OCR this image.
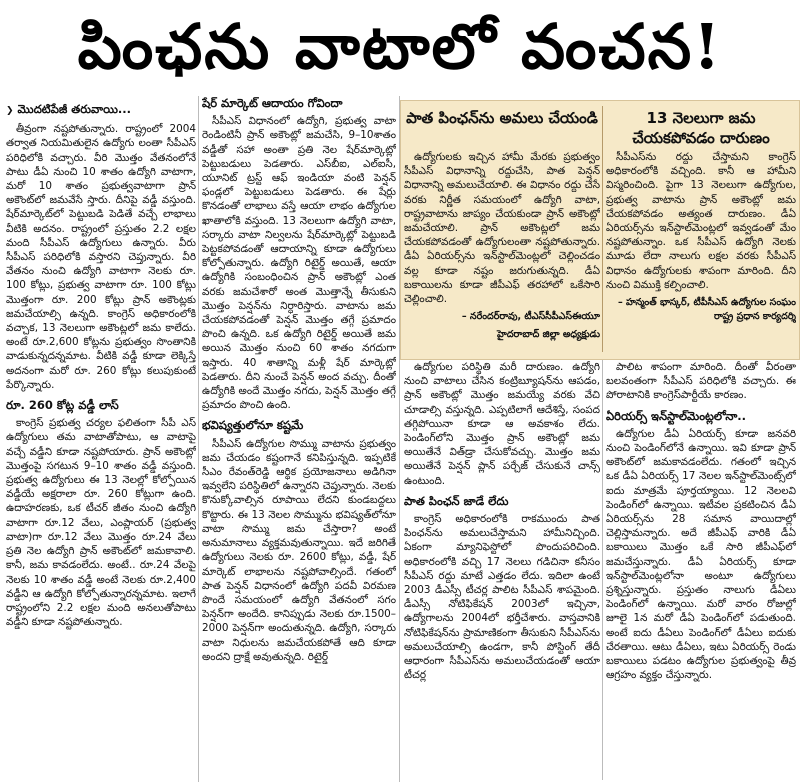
పింఛను వాటాలో వంచన!
❯ మొదటిపేజీ తరువాయి...

తీవ్రంగా నష్టపోతున్నారు. రాష్ట్రంలో 2004 తర్వాత నియమితులైన ఉద్యోగు లంతా సీపీఎస్‌ పరిధిలోకి వచ్చారు. వీరి మొత్తం వేతనంలోనే పాటు డీఏ నుంచి 10 శాతం ఉద్యోగి వాటాగా, మరో 10 శాతం ప్రభుత్వవాటాగా ప్రాన్‌ అకౌంట్‌లో జమవేసే స్తారు. దీనిపై వడ్డీ వస్తుంది. షేర్‌మార్కెట్‌లో పెట్టుబడి పెడితే వచ్చే లాభాలు వీటికి అదనం. రాష్ట్రంలో ప్రస్తుతం 2.2 లక్షల మంది సీపీఎస్‌ ఉద్యోగులు ఉన్నారు. వీరు సీపీఎస్‌ పరిధిలోకి వస్తారని చెప్తున్నారు. వీరి వేతనం నుంచి ఉద్యోగి వాటాగా నెలకు రూ. 100 కోట్లు, ప్రభుత్వ వాటాగా రూ. 100 కోట్లు మొత్తంగా రూ. 200 కోట్లు ప్రాన్‌ అకౌంట్లకు జమచేయాల్సి ఉన్నది. కాంగ్రెస్‌ అధికారంలోకి వచ్చాక, 13 నెలలుగా అకౌంట్లలో జమ కాలేదు. అంటే రూ.2,600 కోట్లను ప్రభుత్వం సొంతానికి వాడుకున్నదన్నమాట. వీటికి వడ్డీ కూడా లెక్కిస్తే అదనంగా మరో రూ. 260 కోట్లు కలుపుకుంటే పేర్కొన్నారు.

రూ. 260 కోట్ల వడ్డీ లాస్‌

కాంగ్రెస్‌ ప్రభుత్వ చర్యల ఫలితంగా సీపీ ఎస్‌ ఉద్యోగులు తమ వాటాతోపాటు, ఆ వాటాపై వచ్చే వడ్డీని కూడా నష్టపోయారు. ప్రాన్‌ అకౌంట్లో మొత్తంపై సగటున 9–10 శాతం వడ్డీ వస్తుంది. ప్రభుత్వ ఉద్యోగులు ఈ 13 నెలల్లో కోల్పోయిన వడ్డీయే అక్షరాలా రూ. 260 కోట్లుగా ఉంది. ఉదాహరణకు, ఒక టీచర్‌ జీతం నుంచి ఉద్యోగి వాటాగా రూ.12 వేలు, ఎంప్లాయర్‌ (ప్రభుత్వ వాటా)గా రూ.12 వేలు మొత్తం రూ.24 వేలు ప్రతి నెల ఉద్యోగి ప్రాన్‌ అకౌంట్‌లో జమకావాలి. కానీ, జమ కావడంలేదు. అంటే.. రూ.24 వేలపై నెలకు 10 శాతం వడ్డీ అంటే నెలకు రూ.2,400 వడ్డీని ఆ ఉద్యోగి కోల్పోతున్నారన్నమాట. ఇలాగే రాష్ట్రంలోని 2.2 లక్షల మంది అనలుతోపాటు వడ్డీని కూడా నష్టపోతున్నారు.

షేర్‌ మార్కెట్‌ ఆదాయం గోవిందా

సీపీఎస్‌ విధానంలో ఉద్యోగి, ప్రభుత్వ వాటా రెండింటినీ ప్రాన్‌ అకౌంట్లో జమచేసి, 9–10శాతం వడ్డీతో సహా అంతా ప్రతి నెల షేర్‌మార్కెట్లో పెట్టుబడులు పెడతారు. ఎస్‌బీఐ, ఎల్‌ఐసీ, యూనిట్‌ ట్రస్ట్‌ ఆఫ్‌ ఇండియా వంటి పెన్షన్‌ ఫండ్లలో పెట్టుబడులు పెడతారు. ఈ షేర్లు కొనడంతో లాభాలు వస్తే ఆయా లాభం ఉద్యోగుల ఖాతాలోకి వస్తుంది. 13 నెలలుగా ఉద్యోగి వాటా, సర్కారు వాటా నిల్వలను షేర్‌మార్కెట్లో పెట్టుబడి పెట్టకపోవడంతో ఆదాయాన్ని కూడా ఉద్యోగులు కోల్పోతున్నారు. ఉద్యోగి రిటైర్డ్‌ అయితే, ఆయా ఉద్యోగికి సంబంధించిన ప్రాన్‌ అకౌంట్లో ఎంత వరకు జమచేశారో అంత మొత్తాన్నే తీసుకుని మొత్తం పెన్షన్‌ను నిర్ధారిస్తారు. వాటాను జమ చేయకపోవడంతో పెన్షన్‌ మొత్తం తగ్గే ప్రమాదం పొంచి ఉన్నది. ఒక ఉద్యోగి రిటైర్డ్‌ అయితే జమ అయిన మొత్తం నుంచి 60 శాతం నగదుగా ఇస్తారు. 40 శాతాన్ని మళ్లీ షేర్‌ మార్కెట్లో పెడతారు. దీని నుంచే పెన్షన్‌ అంద వచ్చు. దీంతో ఉద్యోగికి అందే మొత్తం నగదు, పెన్షన్‌ మొత్తం తగ్గే ప్రమాదం పొంచి ఉంది.

భవిష్యత్తులోనూ కష్టమే

సీపీఎస్‌ ఉద్యోగుల సొమ్ము వాటాను ప్రభుత్వం జమ చేయడం కష్టంగానే కనిపిస్తున్నది. ఇప్పటికే సీఎం రేవంత్‌రెడ్డి ఆర్థిక ప్రయోజనాలు అడిగినా ఇవ్వలేని పరిస్థితిలో ఉన్నారని చెప్తున్నారు. నెలకు కొనుక్కోవాల్సిన రూపాయి లేదని కుండబద్దలు కొట్టారు. ఈ 13 నెలల సొమ్మును భవిష్యత్‌లోనూ వాటా సొమ్ము జమ చేస్తారా? అంటే అనుమానాలు వ్యక్తమవుతున్నాయి. ఇదే జరిగితే ఉద్యోగులు నెలకు రూ. 2600 కోట్లు, వడ్డీ, షేర్‌ మార్కెట్‌ లాభాలను నష్టపోవాల్సిందే. గతంలో పాత పెన్షన్‌ విధానంలో ఉద్యోగి పదవీ విరమణ పొందే సమయంలో ఉద్యోగి వేతనంలో సగం పెన్షన్‌గా అందేది. కానిప్పుడు నెలకు రూ.1500–2000 పెన్షన్‌గా అందుతున్నది. ఉద్యోగి, సర్కారు వాటా నిధులను జమచేయకపోతే ఆది కూడా అందని ద్రాక్షే అవుతున్నది. రిటైర్డ్‌

పాత పింఛన్‌ను అమలు చేయండి	13 నెలలుగా జమ చేయకపోవడం దారుణం

ఉద్యోగులకు ఇచ్చిన హామీ మేరకు ప్రభుత్వం సీపీఎస్‌ విధానాన్ని రద్దుచేసి, పాత పెన్షన్‌ విధానాన్ని అమలుచేయాలి. ఈ విధానం రద్దు చేసే వరకు నిర్ణీత సమయంలో ఉద్యోగి వాటా, రాష్ట్రవాటాను జాప్యం చేయకుండా ప్రాన్‌ అకౌంట్లో జమచేయాలి. ప్రాన్‌ అకౌంట్లలో జమ చేయకపోవడంతో ఉద్యోగులంతా నష్టపోతున్నారు. డీఏ ఏరియర్స్‌ను ఇన్‌స్టాల్‌మెంట్లలో చెల్లించడం వల్ల కూడా నష్టం జరుగుతున్నది. డీఏ బకాయిలను కూడా జీపీఎఫ్‌ తరహాలో ఒకేసారి చెల్లించాలి.

– నరేందర్‌రావు, టీఎస్‌సీపీఎస్‌ఈయూ
హైదరాబాద్‌ జిల్లా అధ్యక్షుడు

సీపీఎస్‌ను రద్దు చేస్తామని కాంగ్రెస్‌ అధికారంలోకి వచ్చింది. కానీ ఆ హామీని విస్మరించింది. పైగా 13 నెలలుగా ఉద్యోగుల, ప్రభుత్వ వాటాను ప్రాన్‌ అకౌంట్లో జమ చేయకపోవడం అత్యంత దారుణం. డీఏ ఏరియర్స్‌ను ఇన్‌స్టాల్‌మెంట్లలో ఇవ్వడంతో మేం నష్టపోతున్నాం. ఒక సీపీఎస్‌ ఉద్యోగి నెలకు మూడు లేదా నాలుగు లక్షల వరకు సీపీఎస్‌ విధానం ఉద్యోగులకు శాపంగా మారింది. దీని నుంచి విముక్తి కల్పించాలి.

– హన్మంత్‌ భాస్కర్‌, టీపీసీఎస్‌ ఉద్యోగుల సంఘం రాష్ట్ర ప్రధాన కార్యదర్శి

ఉద్యోగుల పరిస్థితి మరీ దారుణం. ఉద్యోగి నుంచి వాటాలు చేసిన కంట్రిబ్యూషన్‌ను ఆపడం, ప్రాన్‌ అకౌంట్లో మొత్తం జమయ్యే వరకు వేచి చూడాల్సి వస్తున్నది. ఎప్పటిలాగే ఆదేశిస్తే, సంపద తగ్గిపోయినా కూడా ఆ అవకాశం లేదు. పెండింగ్‌లోని మొత్తం ప్రాన్‌ అకౌంట్లో జమ అయితేనే విత్‌డ్రా చేసుకోవచ్చు. మొత్తం జమ అయితేనే పెన్షన్‌ ప్లాన్‌ పర్చేజ్‌ చేసుకునే చాన్స్‌ ఉంటుంది.

పాత పింఛన్‌ జాడే లేదు

కాంగ్రెస్‌ అధికారంలోకి రాకముందు పాత పింఛన్‌ను అమలుచేస్తామని హామీనిచ్చింది. ఏకంగా మ్యానిఫెస్టోలో పొందుపరిచింది. అధికారంలోకి వచ్చి 17 నెలలు గడిచినా కనీసం సీపీఎస్‌ రద్దు మాటే ఎత్తడం లేదు. ఇదిలా ఉంటే 2003 డీఎస్సీ టీచర్ల పాలిట సీపీఎస్‌ శాపమైంది. డీఎస్సీ నోటిఫికేషన్‌ 2003లో ఇచ్చినా, ఉద్యోగాలను 2004లో భర్తీచేశారు. వాస్తవానికి నోటిఫికేషన్‌ను ప్రామాణికంగా తీసుకుని సీపీఎస్‌ను అమలుచేయాల్సి ఉండగా, కానీ పోస్టింగ్‌ తేదీ ఆధారంగా సీపీఎస్‌ను అమలుచేయడంతో ఆయా టీచర్ల

పాలిట శాపంగా మారింది. దీంతో వీరంతా బలవంతంగా సీపీఎస్‌ పరిధిలోకి వచ్చారు. ఈ పోరాటానికి కాంగ్రెస్‌పార్టీయే కారణం.

ఏరియర్స్‌ ఇన్‌స్టాల్‌మెంట్లలోనా..

ఉద్యోగుల డీఏ ఏరియర్స్‌ కూడా జనవరి నుంచి పెండింగ్‌లోనే ఉన్నాయి. ఇవి కూడా ప్రాన్‌ అకౌంట్‌లో జమకావడంలేదు. గతంలో ఇచ్చిన ఒక డీఏ ఏరియర్స్‌ 17 నెలల ఇన్‌స్టాల్‌మెంట్స్‌లో ఐదు మాత్రమే పూర్తయ్యాయి. 12 నెలలవి పెండింగ్‌లో ఉన్నాయి. ఇటీవల ప్రకటించిన డీఏ ఏరియర్స్‌ను 28 సమాన వాయిదాల్లో చెల్లిస్తామన్నారు. అదే జీపీఎఫ్‌ వారికి డీఏ బకాయిలు మొత్తం ఒకే సారి జీపీఎఫ్‌లో జమచేస్తున్నారు. డీఏ ఏరియర్స్‌ కూడా ఇన్‌స్టాల్‌మెంట్లలోనా అంటూ ఉద్యోగులు ప్రశ్నిస్తున్నారు. ప్రస్తుతం నాలుగు డీఏలు పెండింగ్‌లో ఉన్నాయి. మరో వారం రోజుల్లో జూలై 1న మరో డీఏ పెండింగ్‌లో పడుతుంది. అంటే ఐదు డీఏలు పెండింగ్‌లో డీఏలు ఐదుకు చేరతాయి. ఆటు డీఏలు, ఇటు ఏరియర్స్‌ రెండు బకాయిలు పడటం ఉద్యోగుల ప్రభుత్వంపై తీవ్ర ఆగ్రహం వ్యక్తం చేస్తున్నారు.
